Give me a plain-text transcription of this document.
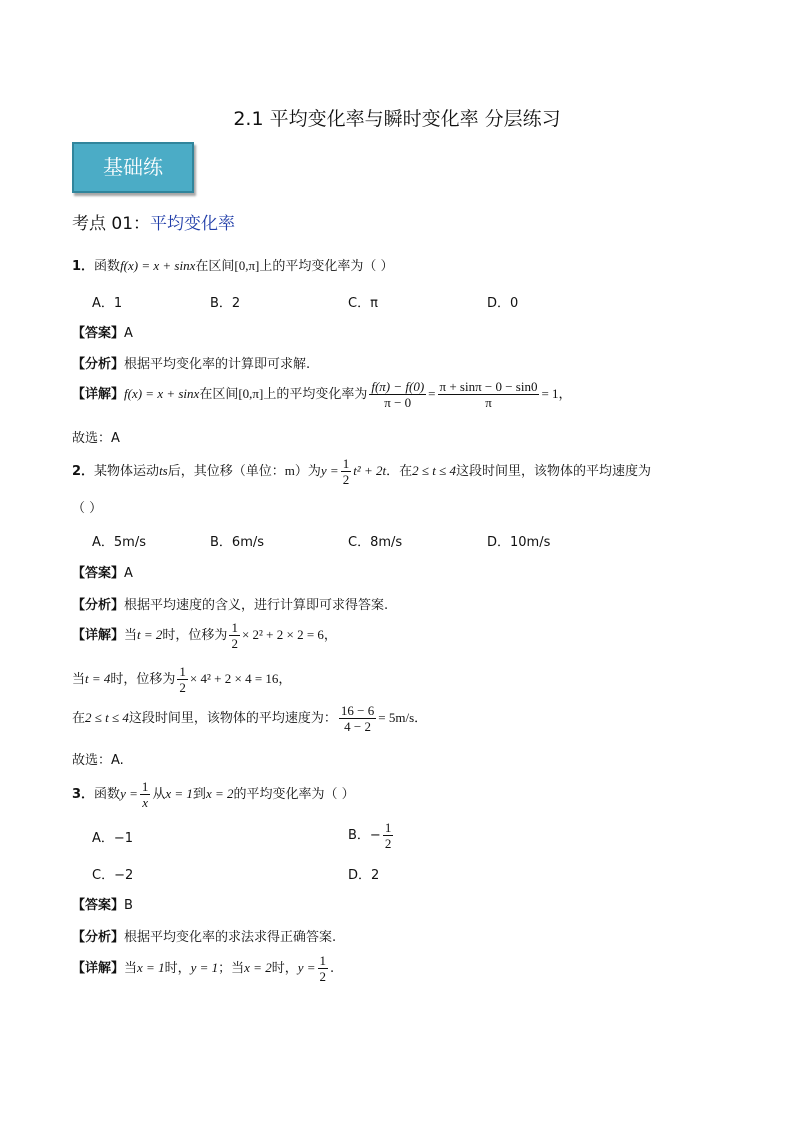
2.1 平均变化率与瞬时变化率 分层练习
基础练
考点 01：平均变化率
1．函数f(x) = x + sinx在区间[0,π]上的平均变化率为（ ）
A．1	B．2	C．π	D．0
【答案】A
【分析】根据平均变化率的计算即可求解.
【详解】f(x) = x + sinx在区间[0,π]上的平均变化率为 $\frac{f(\pi) - f(0)}{\pi - 0} = \frac{\pi + \sin\pi - 0 - \sin 0}{\pi} = 1$，
故选：A
2．某物体运动ts后，其位移（单位：m）为$y = \frac{1}{2} t^2 + 2t$．在2 ≤ t ≤ 4这段时间里，该物体的平均速度为
（ ）
A．5m/s	B．6m/s	C．8m/s	D．10m/s
【答案】A
【分析】根据平均速度的含义，进行计算即可求得答案.
【详解】当t = 2时，位移为 $\frac{1}{2} \times 2^2 + 2 \times 2 = 6$，
当t = 4时，位移为 $\frac{1}{2} \times 4^2 + 2 \times 4 = 16$，
在2 ≤ t ≤ 4这段时间里，该物体的平均速度为： $\frac{16 - 6}{4 - 2} = 5m/s$．
故选：A.
3．函数$y = \frac{1}{x}$ 从x = 1到x = 2的平均变化率为（ ）
A．−1	B．− $\frac{1}{2}$
C．−2	D．2
【答案】B
【分析】根据平均变化率的求法求得正确答案.
【详解】当x = 1时，y = 1；当x = 2时，$y = \frac{1}{2}$ .
